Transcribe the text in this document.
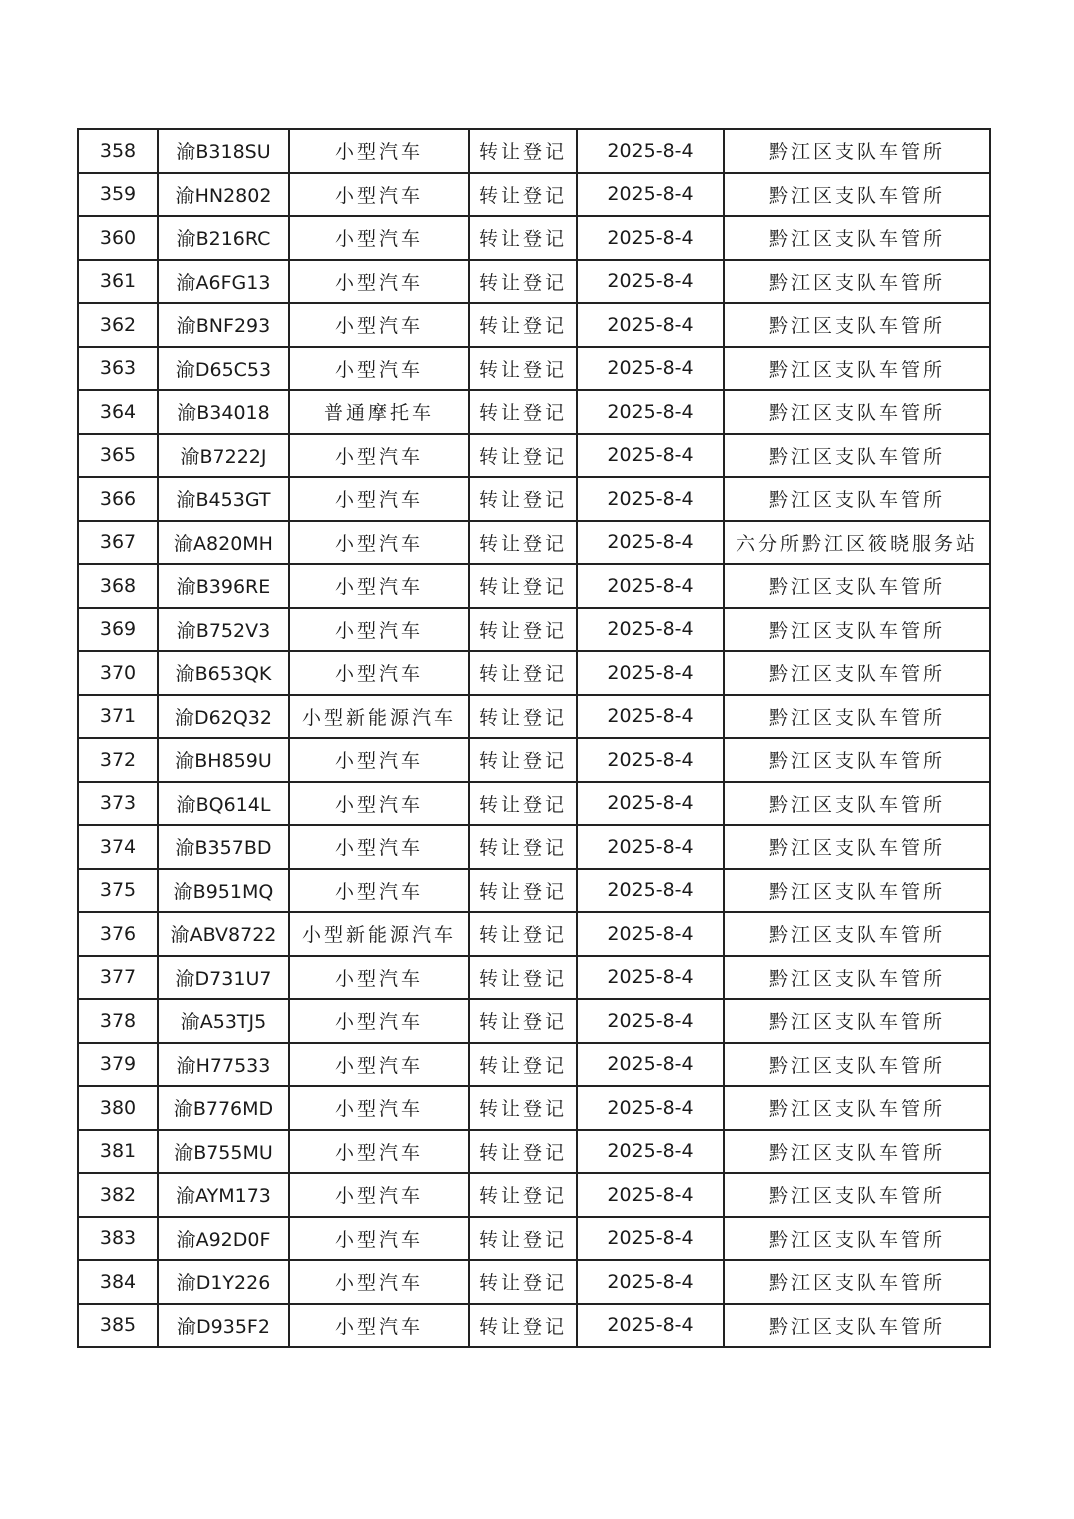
358	渝B318SU	小型汽车	转让登记	2025-8-4	黔江区支队车管所
359	渝HN2802	小型汽车	转让登记	2025-8-4	黔江区支队车管所
360	渝B216RC	小型汽车	转让登记	2025-8-4	黔江区支队车管所
361	渝A6FG13	小型汽车	转让登记	2025-8-4	黔江区支队车管所
362	渝BNF293	小型汽车	转让登记	2025-8-4	黔江区支队车管所
363	渝D65C53	小型汽车	转让登记	2025-8-4	黔江区支队车管所
364	渝B34018	普通摩托车	转让登记	2025-8-4	黔江区支队车管所
365	渝B7222J	小型汽车	转让登记	2025-8-4	黔江区支队车管所
366	渝B453GT	小型汽车	转让登记	2025-8-4	黔江区支队车管所
367	渝A820MH	小型汽车	转让登记	2025-8-4	六分所黔江区筱晓服务站
368	渝B396RE	小型汽车	转让登记	2025-8-4	黔江区支队车管所
369	渝B752V3	小型汽车	转让登记	2025-8-4	黔江区支队车管所
370	渝B653QK	小型汽车	转让登记	2025-8-4	黔江区支队车管所
371	渝D62Q32	小型新能源汽车	转让登记	2025-8-4	黔江区支队车管所
372	渝BH859U	小型汽车	转让登记	2025-8-4	黔江区支队车管所
373	渝BQ614L	小型汽车	转让登记	2025-8-4	黔江区支队车管所
374	渝B357BD	小型汽车	转让登记	2025-8-4	黔江区支队车管所
375	渝B951MQ	小型汽车	转让登记	2025-8-4	黔江区支队车管所
376	渝ABV8722	小型新能源汽车	转让登记	2025-8-4	黔江区支队车管所
377	渝D731U7	小型汽车	转让登记	2025-8-4	黔江区支队车管所
378	渝A53TJ5	小型汽车	转让登记	2025-8-4	黔江区支队车管所
379	渝H77533	小型汽车	转让登记	2025-8-4	黔江区支队车管所
380	渝B776MD	小型汽车	转让登记	2025-8-4	黔江区支队车管所
381	渝B755MU	小型汽车	转让登记	2025-8-4	黔江区支队车管所
382	渝AYM173	小型汽车	转让登记	2025-8-4	黔江区支队车管所
383	渝A92D0F	小型汽车	转让登记	2025-8-4	黔江区支队车管所
384	渝D1Y226	小型汽车	转让登记	2025-8-4	黔江区支队车管所
385	渝D935F2	小型汽车	转让登记	2025-8-4	黔江区支队车管所
